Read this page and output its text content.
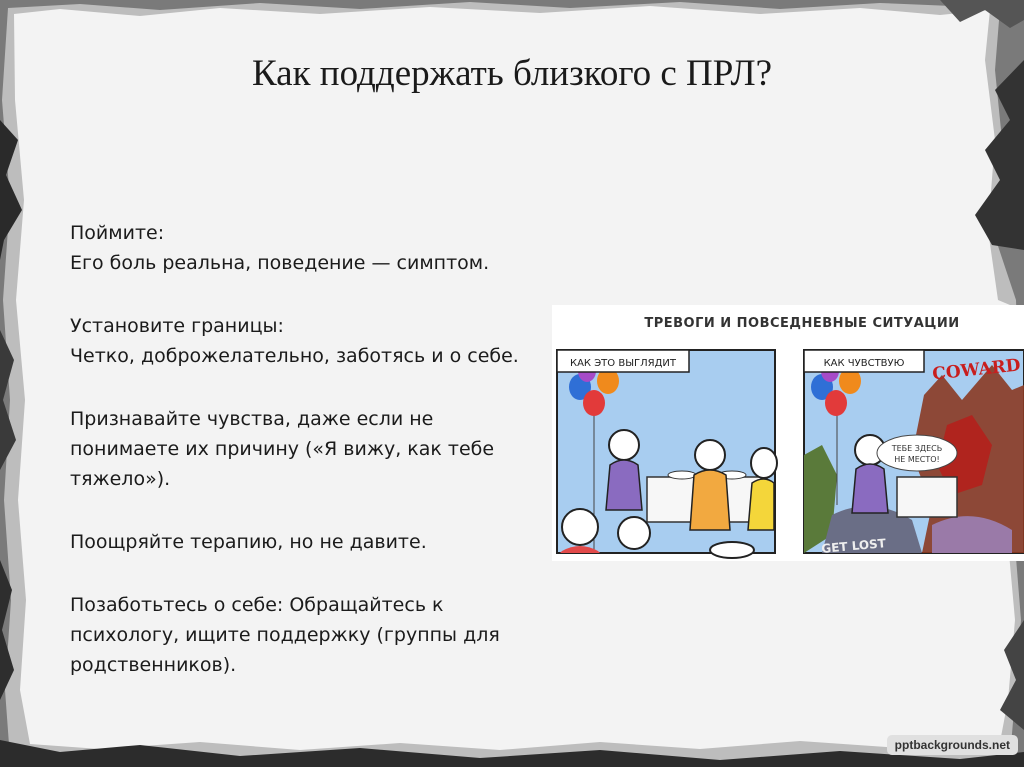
Как поддержать близкого с ПРЛ?

Поймите:
Его боль реальна, поведение — симптом.

Установите границы:
Четко, доброжелательно, заботясь и о себе.

Признавайте чувства, даже если не
понимаете их причину («Я вижу, как тебе
тяжело»).

Поощряйте терапию, но не давите.

Позаботьтесь о себе: Обращайтесь к
психологу, ищите поддержку (группы для
родственников).

ТРЕВОГИ И ПОВСЕДНЕВНЫЕ СИТУАЦИИ
КАК ЭТО ВЫГЛЯДИТ	COWARD
ТЕБЕ ЗДЕСЬ
НЕ МЕСТО!
GET LOST
КАК ЧУВСТВУЮ
pptbackgrounds.net
